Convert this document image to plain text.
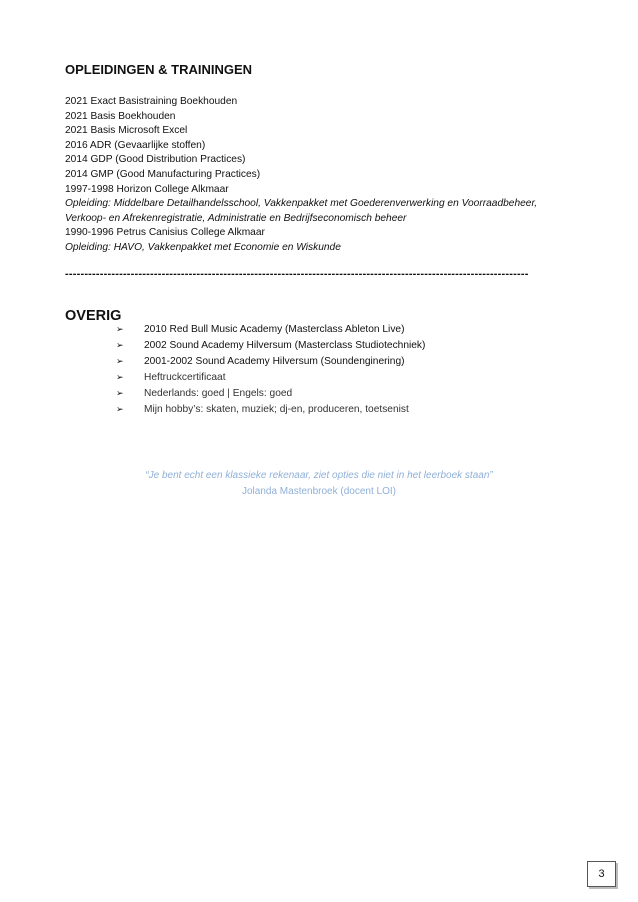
OPLEIDINGEN & TRAININGEN
2021 Exact Basistraining Boekhouden
2021 Basis Boekhouden
2021 Basis Microsoft Excel
2016 ADR (Gevaarlijke stoffen)
2014 GDP (Good Distribution Practices)
2014 GMP (Good Manufacturing Practices)
1997-1998 Horizon College Alkmaar
Opleiding: Middelbare Detailhandelsschool, Vakkenpakket met Goederenverwerking en Voorraadbeheer,
Verkoop- en Afrekenregistratie, Administratie en Bedrijfseconomisch beheer
1990-1996 Petrus Canisius College Alkmaar
Opleiding: HAVO, Vakkenpakket met Economie en Wiskunde
------------------------------------------------------------------------------------------------------------------------
OVERIG
➢ 2010 Red Bull Music Academy (Masterclass Ableton Live)
➢ 2002 Sound Academy Hilversum (Masterclass Studiotechniek)
➢ 2001-2002 Sound Academy Hilversum (Soundenginering)
➢ Heftruckcertificaat
➢ Nederlands: goed | Engels: goed
➢ Mijn hobby’s: skaten, muziek; dj-en, produceren, toetsenist
“Je bent echt een klassieke rekenaar, ziet opties die niet in het leerboek staan”
Jolanda Mastenbroek (docent LOI)
3
